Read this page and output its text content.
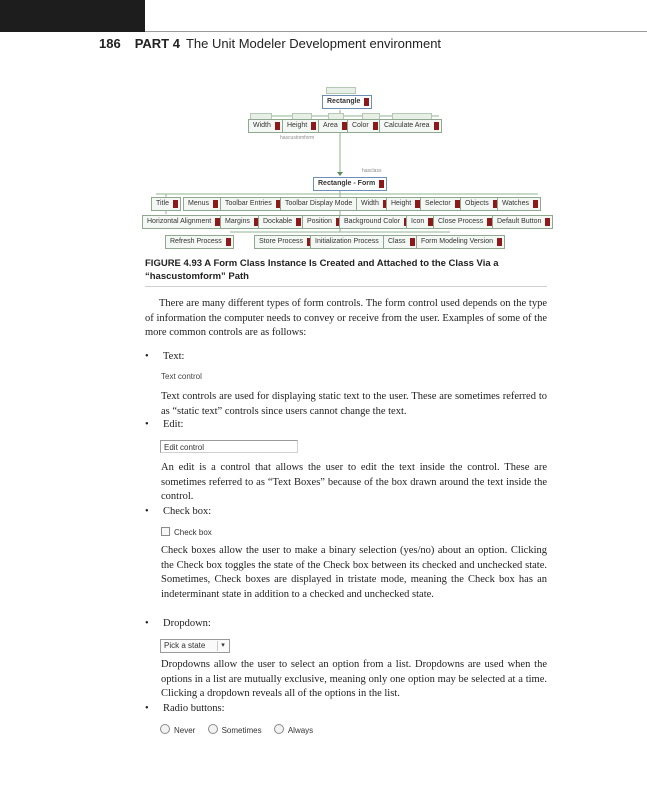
186 PART 4 The Unit Modeler Development environment
Rectangle
Width	Height	Area	Color	Calculate Area
hascustomform
hasclass
Rectangle - Form
Title	Menus	Toolbar Entries	Toolbar Display Mode	Width	Height	Selector	Objects	Watches
Horizontal Alignment	Margins	Dockable	Position	Background Color	Icon	Close Process	Default Button
Refresh Process	Store Process	Initialization Process	Class	Form Modeling Version
FIGURE 4.93 A Form Class Instance Is Created and Attached to the Class Via a “hascustomform” Path
There are many different types of form controls. The form control used depends on the type of information the computer needs to convey or receive from the user. Examples of some of the more common controls are as follows:
• Text:
Text control
Text controls are used for displaying static text to the user. These are sometimes referred to as “static text” controls since users cannot change the text.
• Edit:
Edit control
An edit is a control that allows the user to edit the text inside the control. These are sometimes referred to as “Text Boxes” because of the box drawn around the text inside the control.
• Check box:
Check box
Check boxes allow the user to make a binary selection (yes/no) about an option. Clicking the Check box toggles the state of the Check box between its checked and unchecked state. Sometimes, Check boxes are displayed in tristate mode, meaning the Check box has an indeterminant state in addition to a checked and unchecked state.
• Dropdown:
Pick a state	▾
Dropdowns allow the user to select an option from a list. Dropdowns are used when the options in a list are mutually exclusive, meaning only one option may be selected at a time. Clicking a dropdown reveals all of the options in the list.
• Radio buttons:
Never	Sometimes	Always
